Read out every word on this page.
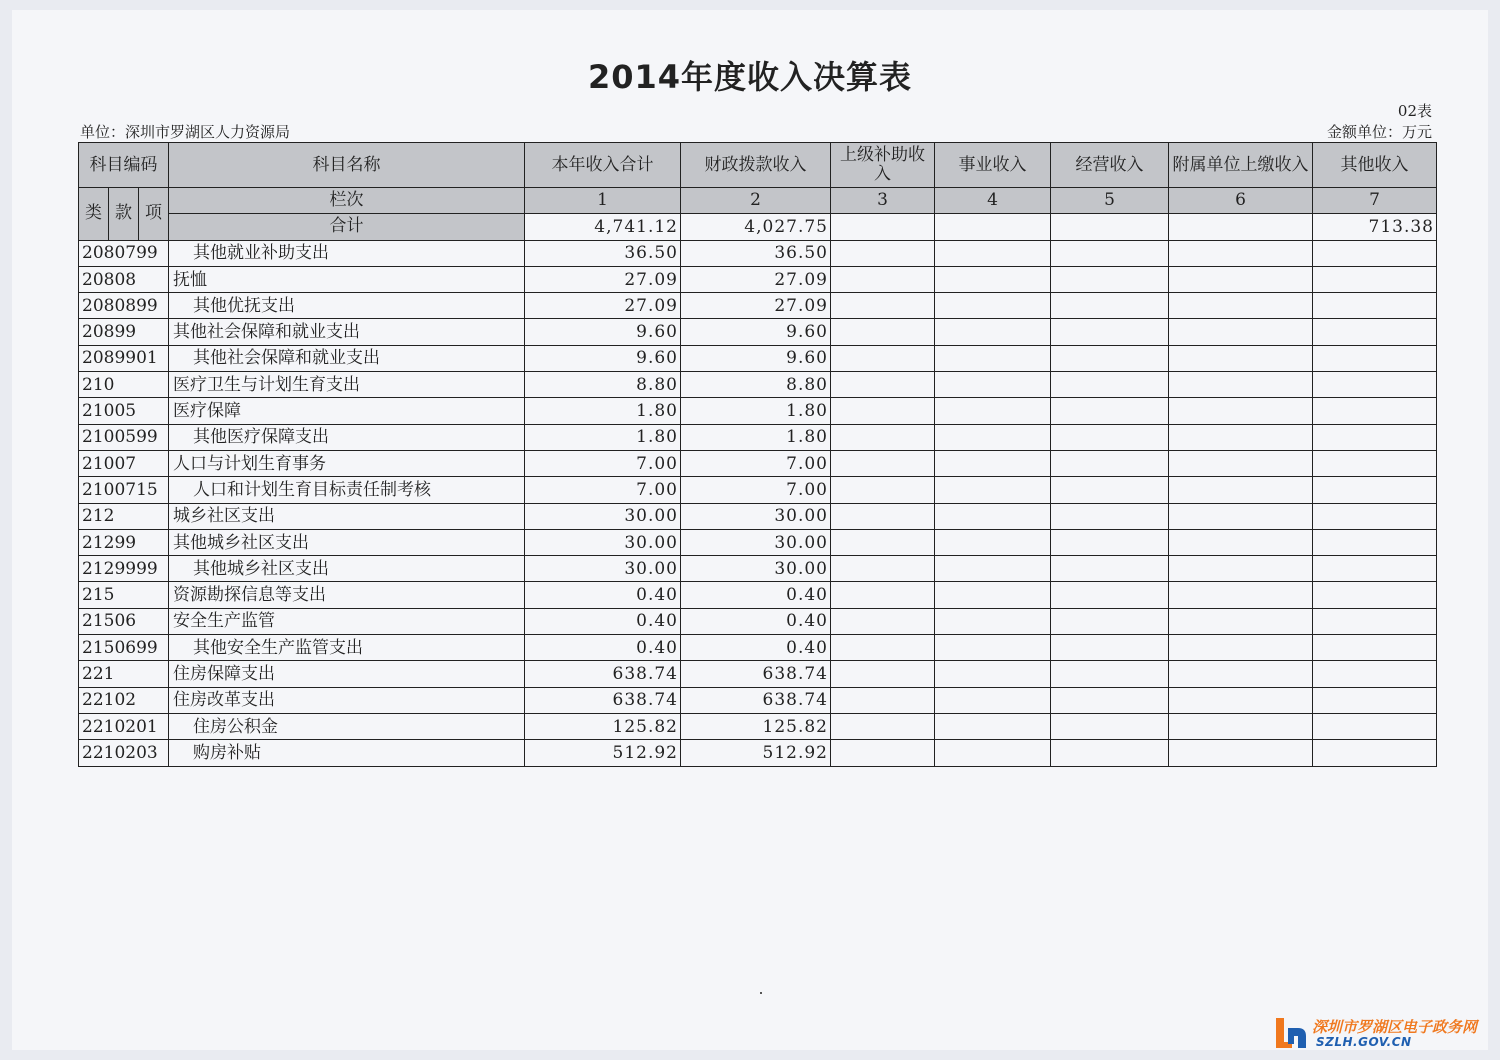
2014年度收入决算表
02表
单位：深圳市罗湖区人力资源局	金额单位：万元
科目编码			科目名称	本年收入合计	财政拨款收入	上级补助收入	事业收入	经营收入	附属单位上缴收入	其他收入
类	款	项	栏次	1	2	3	4	5	6	7
			合计	4,741.12	4,027.75					713.38
2080799			其他就业补助支出	36.50	36.50					
20808			抚恤	27.09	27.09					
2080899			其他优抚支出	27.09	27.09					
20899			其他社会保障和就业支出	9.60	9.60					
2089901			其他社会保障和就业支出	9.60	9.60					
210			医疗卫生与计划生育支出	8.80	8.80					
21005			医疗保障	1.80	1.80					
2100599			其他医疗保障支出	1.80	1.80					
21007			人口与计划生育事务	7.00	7.00					
2100715			人口和计划生育目标责任制考核	7.00	7.00					
212			城乡社区支出	30.00	30.00					
21299			其他城乡社区支出	30.00	30.00					
2129999			其他城乡社区支出	30.00	30.00					
215			资源勘探信息等支出	0.40	0.40					
21506			安全生产监管	0.40	0.40					
2150699			其他安全生产监管支出	0.40	0.40					
221			住房保障支出	638.74	638.74					
22102			住房改革支出	638.74	638.74					
2210201			住房公积金	125.82	125.82					
2210203			购房补贴	512.92	512.92					
深圳市罗湖区电子政务网
SZLH.GOV.CN
